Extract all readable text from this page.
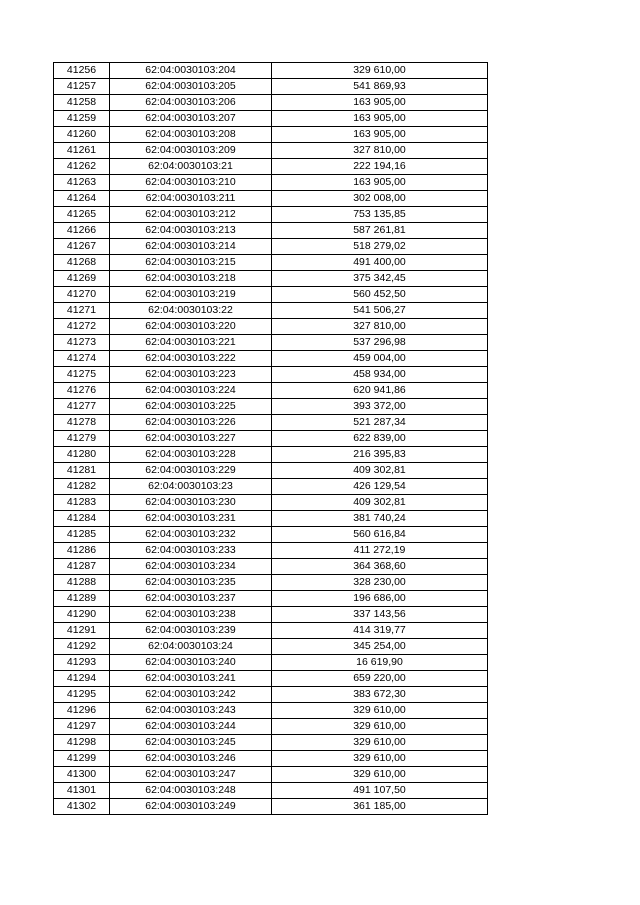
41256	62:04:0030103:204	329 610,00
41257	62:04:0030103:205	541 869,93
41258	62:04:0030103:206	163 905,00
41259	62:04:0030103:207	163 905,00
41260	62:04:0030103:208	163 905,00
41261	62:04:0030103:209	327 810,00
41262	62:04:0030103:21	222 194,16
41263	62:04:0030103:210	163 905,00
41264	62:04:0030103:211	302 008,00
41265	62:04:0030103:212	753 135,85
41266	62:04:0030103:213	587 261,81
41267	62:04:0030103:214	518 279,02
41268	62:04:0030103:215	491 400,00
41269	62:04:0030103:218	375 342,45
41270	62:04:0030103:219	560 452,50
41271	62:04:0030103:22	541 506,27
41272	62:04:0030103:220	327 810,00
41273	62:04:0030103:221	537 296,98
41274	62:04:0030103:222	459 004,00
41275	62:04:0030103:223	458 934,00
41276	62:04:0030103:224	620 941,86
41277	62:04:0030103:225	393 372,00
41278	62:04:0030103:226	521 287,34
41279	62:04:0030103:227	622 839,00
41280	62:04:0030103:228	216 395,83
41281	62:04:0030103:229	409 302,81
41282	62:04:0030103:23	426 129,54
41283	62:04:0030103:230	409 302,81
41284	62:04:0030103:231	381 740,24
41285	62:04:0030103:232	560 616,84
41286	62:04:0030103:233	411 272,19
41287	62:04:0030103:234	364 368,60
41288	62:04:0030103:235	328 230,00
41289	62:04:0030103:237	196 686,00
41290	62:04:0030103:238	337 143,56
41291	62:04:0030103:239	414 319,77
41292	62:04:0030103:24	345 254,00
41293	62:04:0030103:240	16 619,90
41294	62:04:0030103:241	659 220,00
41295	62:04:0030103:242	383 672,30
41296	62:04:0030103:243	329 610,00
41297	62:04:0030103:244	329 610,00
41298	62:04:0030103:245	329 610,00
41299	62:04:0030103:246	329 610,00
41300	62:04:0030103:247	329 610,00
41301	62:04:0030103:248	491 107,50
41302	62:04:0030103:249	361 185,00
